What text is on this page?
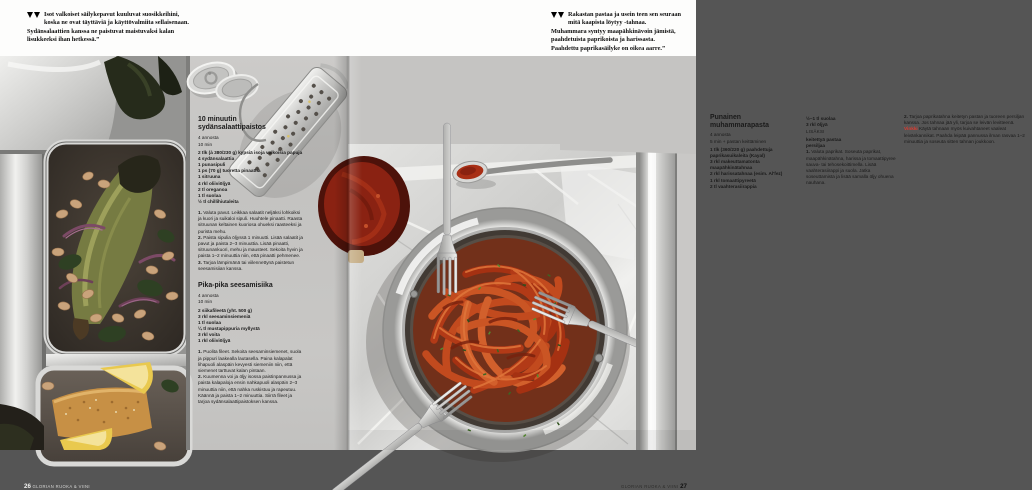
Isot valkoiset säilykepavut kuuluvat suosikkeihini, koska ne ovat täyttäviä ja käyttövalmiita sellaisenaan. Sydänsalaattien kanssa ne paistuvat maistuvaksi kalan lisukkeeksi ihan hetkessä.”
Rakastan pastaa ja usein teen sen seuraan mitä kaapista löytyy -tahnaa. Muhammara syntyy maapähkinävoin jämistä, paahdetuista paprikoista ja harissasta. Paahdettu paprikasäilyke on oikea aarre.”
10 minuutin sydänsalaattipaistos

4 annosta

10 min

2 tlk (à 380/230 g) kypsiä isoja valkoisia papuja
4 sydänsalaattia
1 punasipuli
1 ps (70 g) tuoretta pinaattia
1 sitruuna
4 rkl oliiviöljyä
2 tl oreganoa
1 tl suolaa
½ tl chillihiutaleita

1. Valuta pavut. Leikkaa salaatit neljäksi lohkoiksi ja kuori ja suikaloi sipuli. Huuhtele pinaatti. Raasta sitruunan keltainen kuoriosa ohueksi raasteeksi ja purista mehu.

2. Paista sipulia öljyssä 1 minuutti. Lisää salaatit ja pavut ja paista 2–3 minuuttia. Lisää pinaatti, sitruunankuori, mehu ja mausteet. Sekoita hyvin ja paista 1–2 minuuttia niin, että pinaatti pehmenee.

3. Tarjoa lämpimänä tai viilennettynä paistetun seesamisiian kanssa.

Pika-pika seesamisiika

4 annosta

10 min

2 siikafileetä (yht. 500 g)
3 rkl seesaminsiemeniä
1 tl suolaa
¼ tl mustapippuria myllystä
3 rkl voita
1 rkl oliiviöljyä

1. Puolita fileet. Sekoita seesaminsiemenet, suola ja pippuri laakealla lautasella. Paina kalapalat lihapuoli alaspäin kevyesti siemeniin niin, että siemenet tarttuvat kalan pintaan.

2. Kuumenna voi ja öljy isossa paistinpannussa ja paista kalapaloja ensin nahkapuoli alaspäin 2–3 minuuttia niin, että nahka ruskistuu ja rapeutuu. Käännä ja paista 1–2 minuuttia. Siirrä fileet ja tarjoa sydänsalaattipaistoksen kanssa.

26 GLORIAN RUOKA & VIINI
Punainen muhammarapasta

4 annosta

5 min + pastan keittäminen

1 tlk (360/220 g) paahdettuja paprikasuikaleita (Kayal)
3 rkl makeuttamatonta maapähkinätahnaa
2 rkl harissatahnaa (esim. Al'fez)
1 rkl tomaattipyreetä
2 tl vaahterasiirappia
½–1 tl suolaa
3 rkl öljyä

LISÄKSI

keitettyä pastaa
persiljaa

1. Valuta paprikat. Soseuta paprikat, maapähkinätahna, harissa ja tomaattipyree sauva- tai tehosekoittimella. Lisää vaahterasiirappi ja suola. Jatka soseuttamista ja lisää samalla öljy ohuena nauhana.

2. Tarjoa paprikatahna keitetyn pastan ja tuoreen persiljan kanssa. Jos tahnaa jää yli, tarjoa se leivän levitteenä.

Vinkki Käytä tahnaan myös kuivahtaneet vaaleat leivänkannikat. Paahda leipää pannussa ilman rasvaa 1–2 minuuttia ja soseuta sitten tahnan joukkoon.

GLORIAN RUOKA & VIINI 27
